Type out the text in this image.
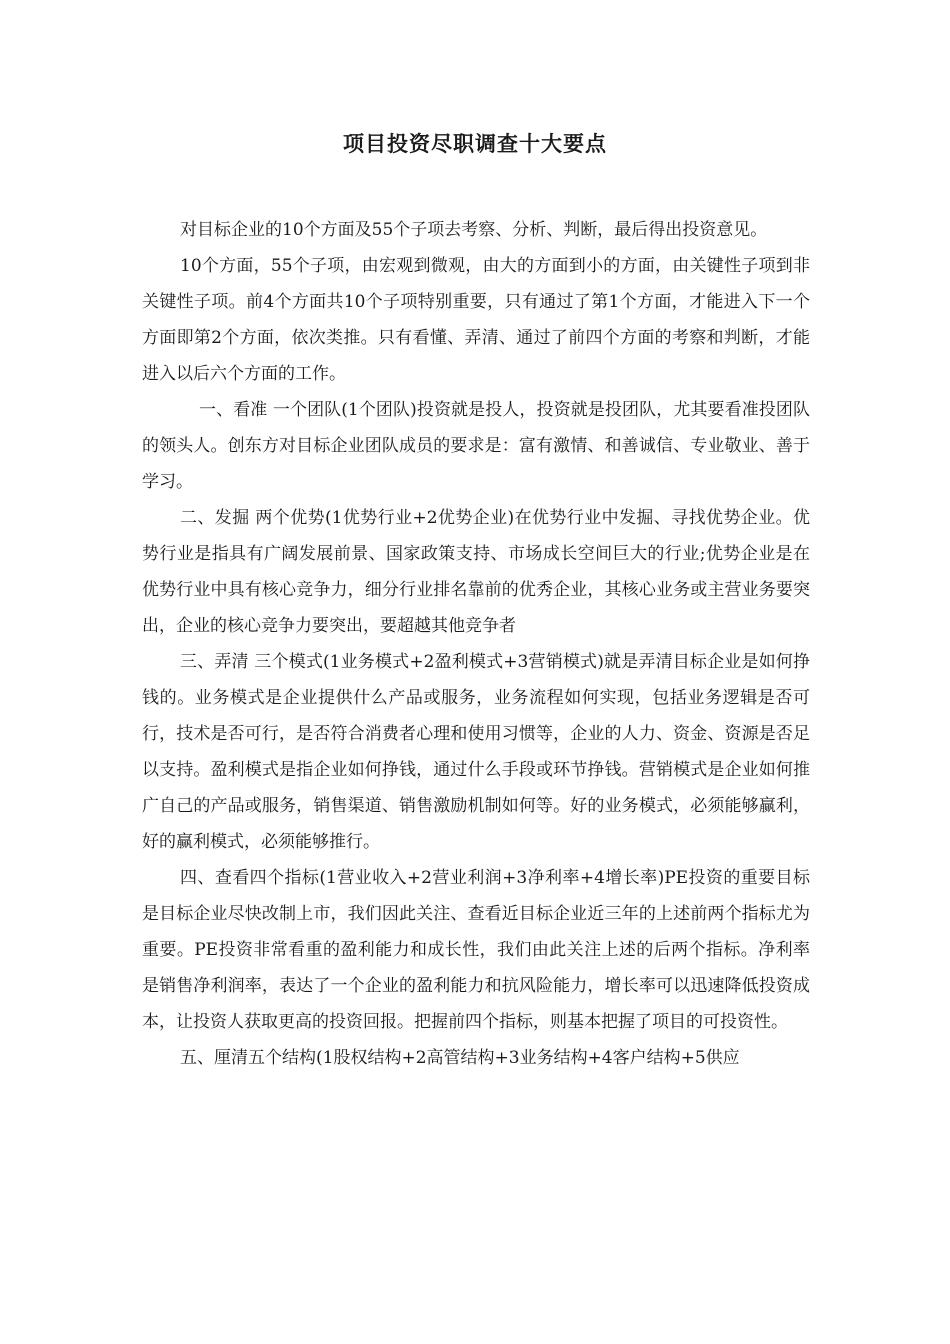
项目投资尽职调查十大要点

对目标企业的10个方面及55个子项去考察、分析、判断，最后得出投资意见。

10个方面，55个子项，由宏观到微观，由大的方面到小的方面，由关键性子项到非关键性子项。前4个方面共10个子项特别重要，只有通过了第1个方面，才能进入下一个方面即第2个方面，依次类推。只有看懂、弄清、通过了前四个方面的考察和判断，才能进入以后六个方面的工作。

一、看准 一个团队(1个团队)投资就是投人，投资就是投团队，尤其要看准投团队的领头人。创东方对目标企业团队成员的要求是：富有激情、和善诚信、专业敬业、善于学习。

二、发掘 两个优势(1优势行业+2优势企业)在优势行业中发掘、寻找优势企业。优势行业是指具有广阔发展前景、国家政策支持、市场成长空间巨大的行业;优势企业是在优势行业中具有核心竞争力，细分行业排名靠前的优秀企业，其核心业务或主营业务要突出，企业的核心竞争力要突出，要超越其他竞争者

三、弄清 三个模式(1业务模式+2盈利模式+3营销模式)就是弄清目标企业是如何挣钱的。业务模式是企业提供什么产品或服务，业务流程如何实现，包括业务逻辑是否可行，技术是否可行，是否符合消费者心理和使用习惯等，企业的人力、资金、资源是否足以支持。盈利模式是指企业如何挣钱，通过什么手段或环节挣钱。营销模式是企业如何推广自己的产品或服务，销售渠道、销售激励机制如何等。好的业务模式，必须能够赢利，好的赢利模式，必须能够推行。

四、查看四个指标(1营业收入+2营业利润+3净利率+4增长率)PE投资的重要目标是目标企业尽快改制上市，我们因此关注、查看近目标企业近三年的上述前两个指标尤为重要。PE投资非常看重的盈利能力和成长性，我们由此关注上述的后两个指标。净利率是销售净利润率，表达了一个企业的盈利能力和抗风险能力，增长率可以迅速降低投资成本，让投资人获取更高的投资回报。把握前四个指标，则基本把握了项目的可投资性。

五、厘清五个结构(1股权结构+2高管结构+3业务结构+4客户结构+5供应
